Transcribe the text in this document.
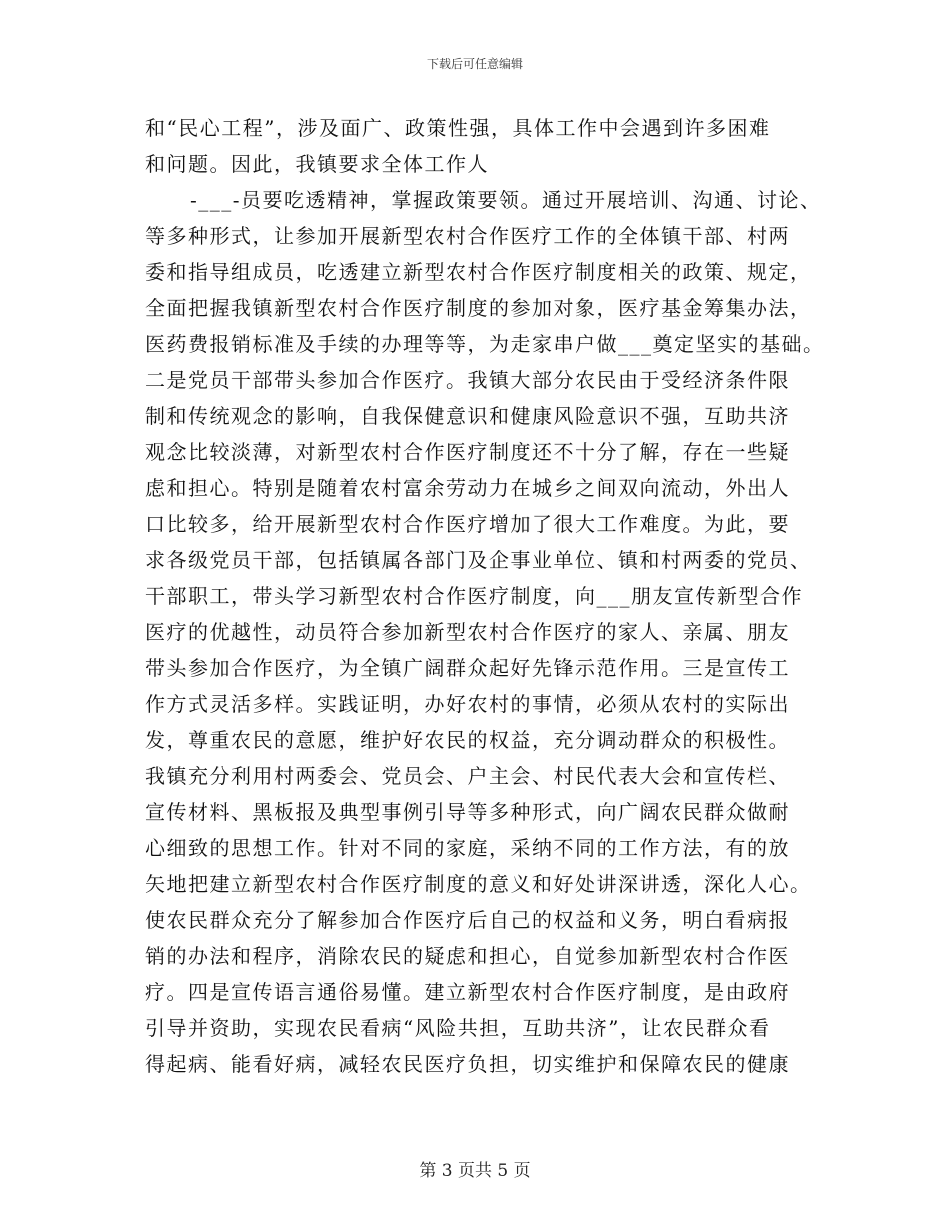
下载后可任意编辑
和“民心工程”，涉及面广、政策性强，具体工作中会遇到许多困难
和问题。因此，我镇要求全体工作人
-___-员要吃透精神，掌握政策要领。通过开展培训、沟通、讨论、
等多种形式，让参加开展新型农村合作医疗工作的全体镇干部、村两
委和指导组成员，吃透建立新型农村合作医疗制度相关的政策、规定，
全面把握我镇新型农村合作医疗制度的参加对象，医疗基金筹集办法，
医药费报销标准及手续的办理等等，为走家串户做___奠定坚实的基础。
二是党员干部带头参加合作医疗。我镇大部分农民由于受经济条件限
制和传统观念的影响，自我保健意识和健康风险意识不强，互助共济
观念比较淡薄，对新型农村合作医疗制度还不十分了解，存在一些疑
虑和担心。特别是随着农村富余劳动力在城乡之间双向流动，外出人
口比较多，给开展新型农村合作医疗增加了很大工作难度。为此，要
求各级党员干部，包括镇属各部门及企事业单位、镇和村两委的党员、
干部职工，带头学习新型农村合作医疗制度，向___朋友宣传新型合作
医疗的优越性，动员符合参加新型农村合作医疗的家人、亲属、朋友
带头参加合作医疗，为全镇广阔群众起好先锋示范作用。三是宣传工
作方式灵活多样。实践证明，办好农村的事情，必须从农村的实际出
发，尊重农民的意愿，维护好农民的权益，充分调动群众的积极性。
我镇充分利用村两委会、党员会、户主会、村民代表大会和宣传栏、
宣传材料、黑板报及典型事例引导等多种形式，向广阔农民群众做耐
心细致的思想工作。针对不同的家庭，采纳不同的工作方法，有的放
矢地把建立新型农村合作医疗制度的意义和好处讲深讲透，深化人心。
使农民群众充分了解参加合作医疗后自己的权益和义务，明白看病报
销的办法和程序，消除农民的疑虑和担心，自觉参加新型农村合作医
疗。四是宣传语言通俗易懂。建立新型农村合作医疗制度，是由政府
引导并资助，实现农民看病“风险共担，互助共济”，让农民群众看
得起病、能看好病，减轻农民医疗负担，切实维护和保障农民的健康
第 3 页共 5 页
